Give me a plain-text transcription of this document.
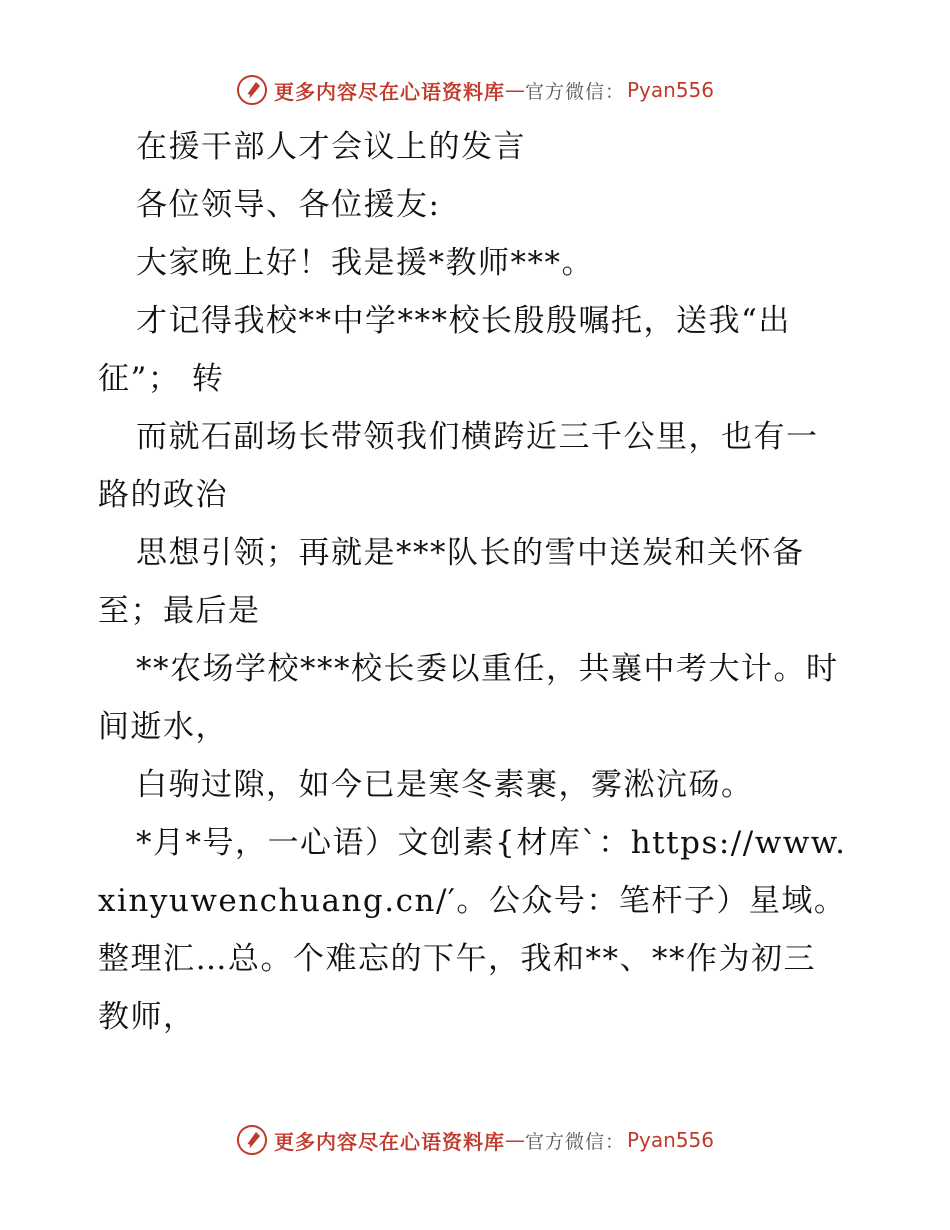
更多内容尽在心语资料库 — 官方微信： Pyan556

在援干部人才会议上的发言

各位领导、各位援友:

大家晚上好！我是援*教师***。

才记得我校**中学***校长殷殷嘱托，送我“出征”； 转

而就石副场长带领我们横跨近三千公里，也有一路的政治

思想引领；再就是***队长的雪中送炭和关怀备至；最后是

**农场学校***校长委以重任，共襄中考大计。时间逝水，

白驹过隙，如今已是寒冬素裹，雾淞沆砀。

*月*号，一心语）文创素{材库`：https://www.xinyuwenchuang.cn/′。公众号：笔杆子）星域。整理汇…总。个难忘的下午，我和**、**作为初三教师，

更多内容尽在心语资料库 — 官方微信： Pyan556
